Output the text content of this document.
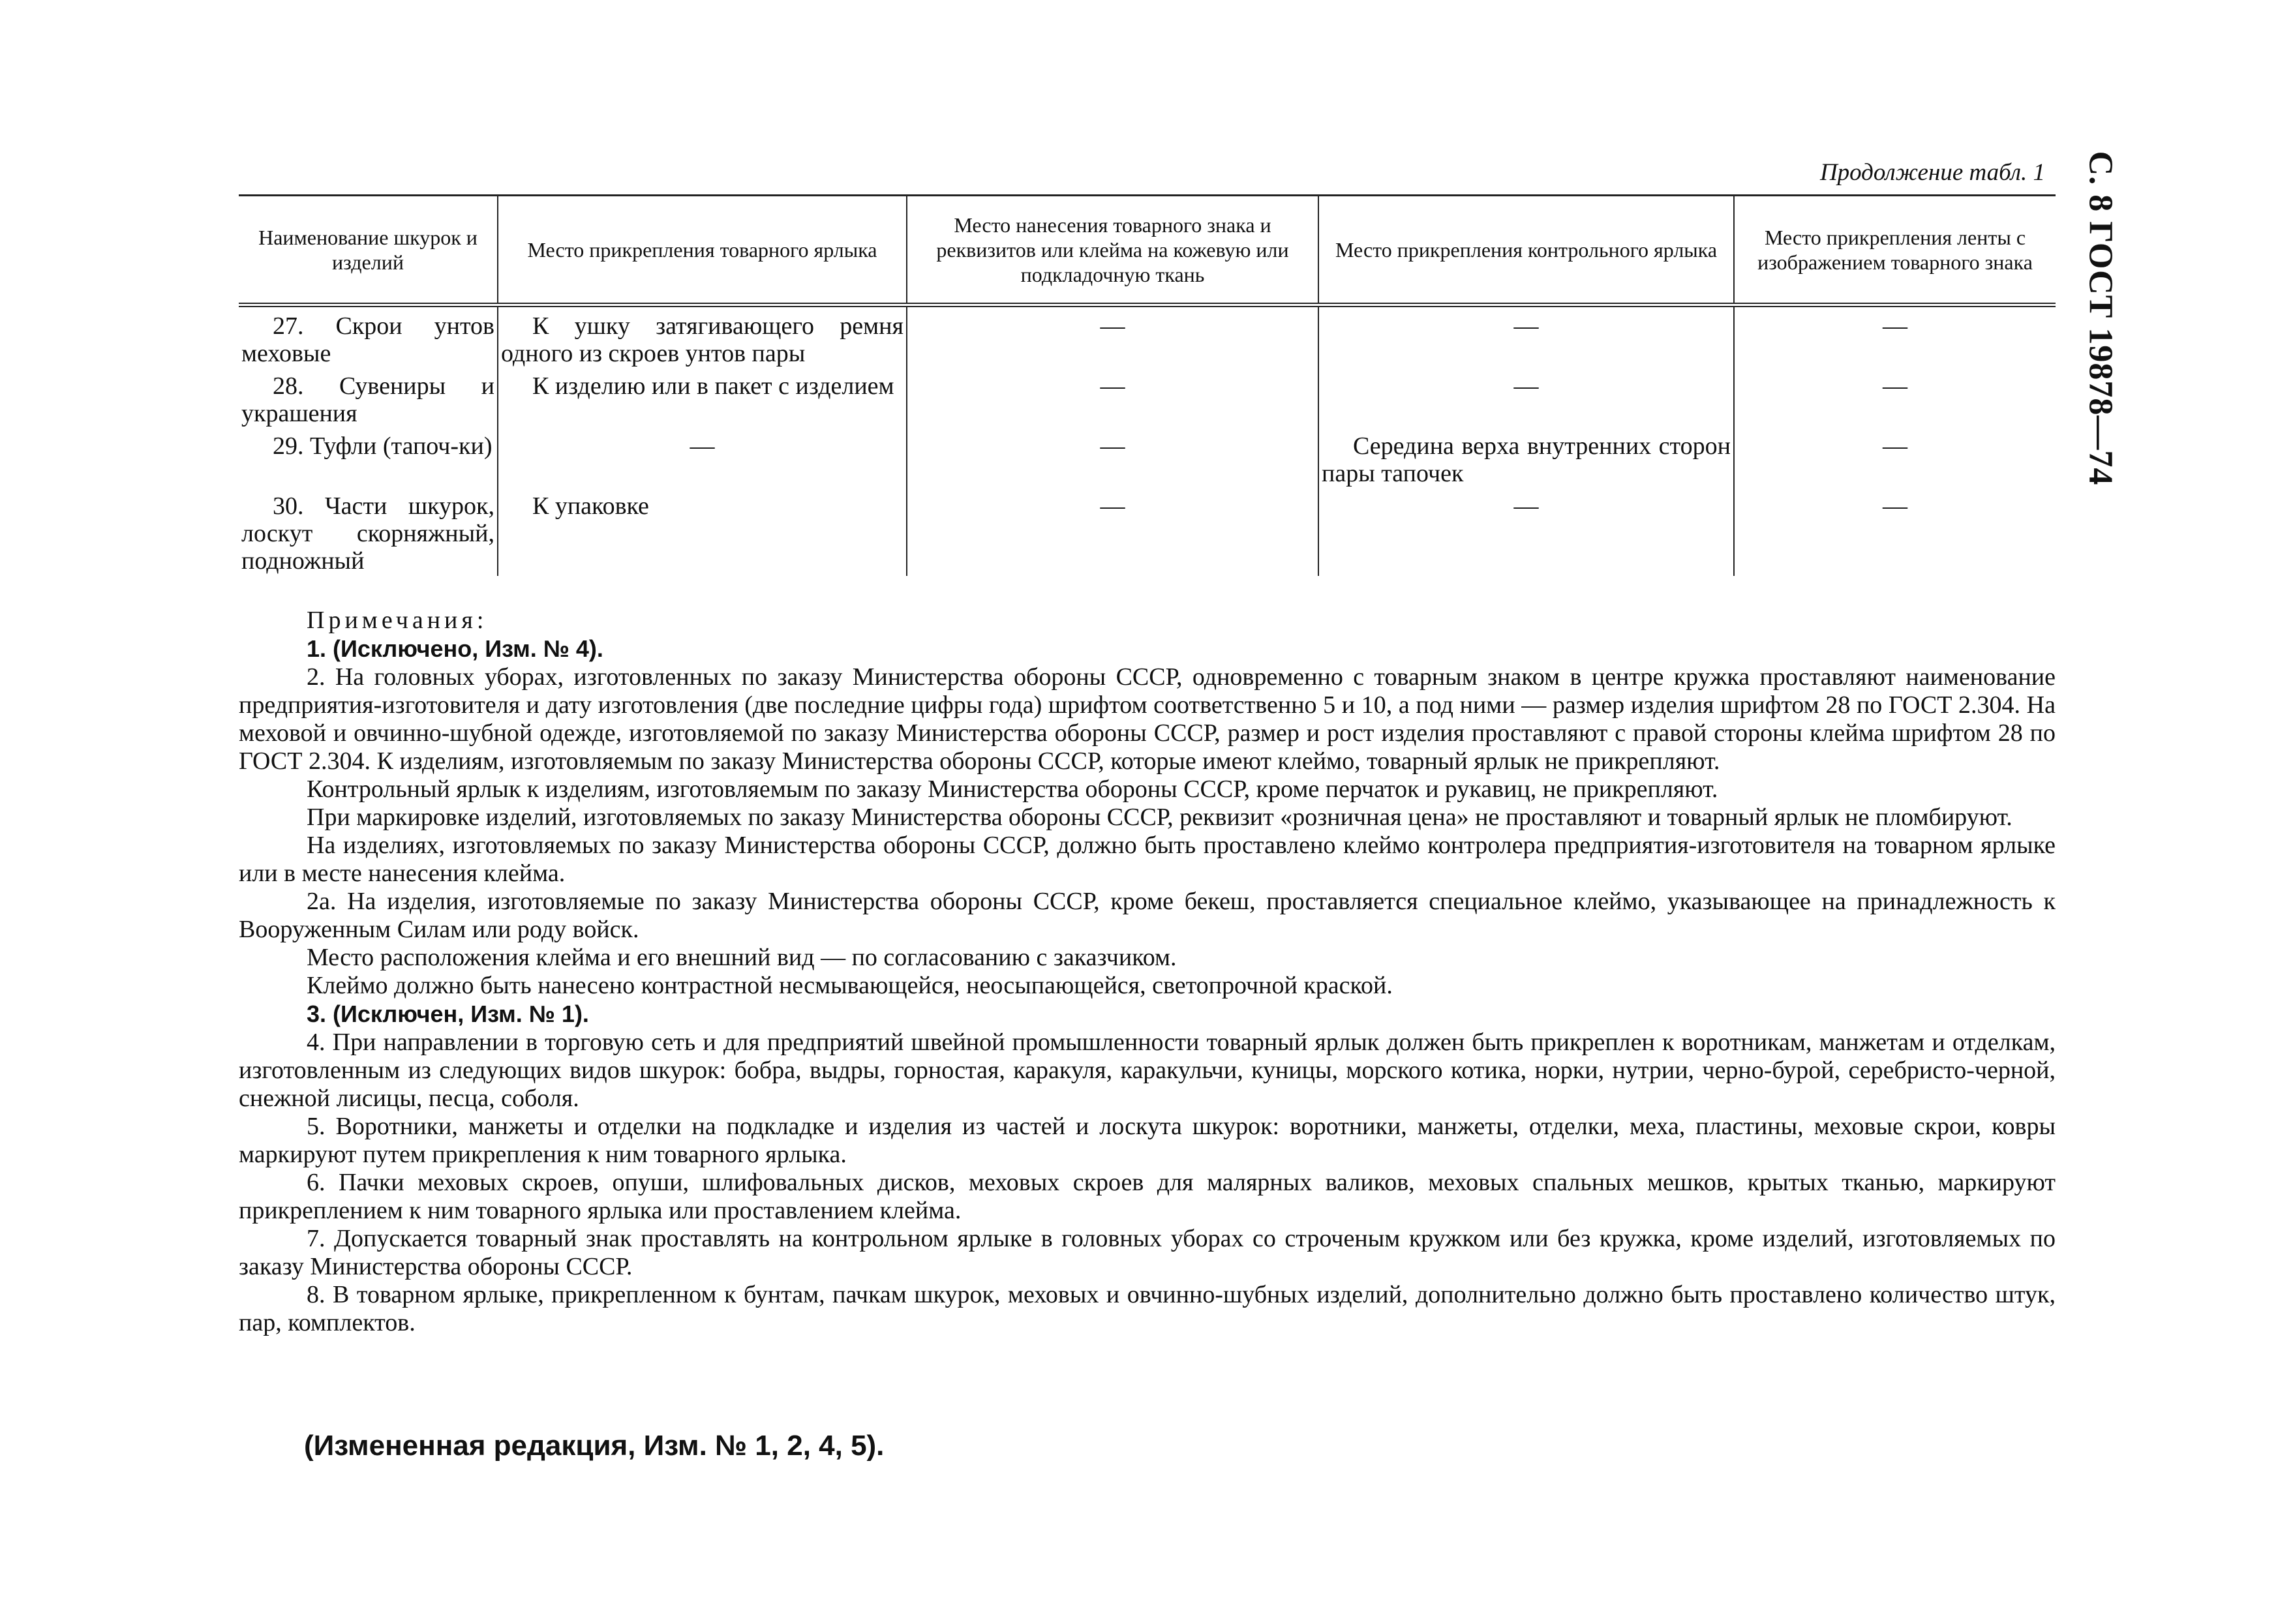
С. 8 ГОСТ 19878—74
Продолжение табл. 1
Наименование шкурок и изделий	Место прикрепления товарного ярлыка	Место нанесения товарного знака и реквизитов или клейма на кожевую или подкладочную ткань	Место прикрепления контрольного ярлыка	Место прикрепления ленты с изображением товарного знака
27. Скрои унтов меховые	К ушку затягивающего ремня одного из скроев унтов пары	—	—	—
28. Сувениры и украшения	К изделию или в пакет с изделием	—	—	—
29. Туфли (тапоч-ки)	—	—	Середина верха внутренних сторон пары тапочек	—
30. Части шкурок, лоскут скорняжный, подножный	К упаковке	—	—	—

Примечания:

1. (Исключено, Изм. № 4).

2. На головных уборах, изготовленных по заказу Министерства обороны СССР, одновременно с товарным знаком в центре кружка проставляют наименование предприятия-изготовителя и дату изготовления (две последние цифры года) шрифтом соответственно 5 и 10, а под ними — размер изделия шрифтом 28 по ГОСТ 2.304. На меховой и овчинно-шубной одежде, изготовляемой по заказу Министерства обороны СССР, размер и рост изделия проставляют с правой стороны клейма шрифтом 28 по ГОСТ 2.304. К изделиям, изготовляемым по заказу Министерства обороны СССР, которые имеют клеймо, товарный ярлык не прикрепляют.

Контрольный ярлык к изделиям, изготовляемым по заказу Министерства обороны СССР, кроме перчаток и рукавиц, не прикрепляют.

При маркировке изделий, изготовляемых по заказу Министерства обороны СССР, реквизит «розничная цена» не проставляют и товарный ярлык не пломбируют.

На изделиях, изготовляемых по заказу Министерства обороны СССР, должно быть проставлено клеймо контролера предприятия-изготовителя на товарном ярлыке или в месте нанесения клейма.

2а. На изделия, изготовляемые по заказу Министерства обороны СССР, кроме бекеш, проставляется специальное клеймо, указывающее на принадлежность к Вооруженным Силам или роду войск.

Место расположения клейма и его внешний вид — по согласованию с заказчиком.

Клеймо должно быть нанесено контрастной несмывающейся, неосыпающейся, светопрочной краской.

3. (Исключен, Изм. № 1).

4. При направлении в торговую сеть и для предприятий швейной промышленности товарный ярлык должен быть прикреплен к воротникам, манжетам и отделкам, изготовленным из следующих видов шкурок: бобра, выдры, горностая, каракуля, каракульчи, куницы, морского котика, норки, нутрии, черно-бурой, серебристо-черной, снежной лисицы, песца, соболя.

5. Воротники, манжеты и отделки на подкладке и изделия из частей и лоскута шкурок: воротники, манжеты, отделки, меха, пластины, меховые скрои, ковры маркируют путем прикрепления к ним товарного ярлыка.

6. Пачки меховых скроев, опуши, шлифовальных дисков, меховых скроев для малярных валиков, меховых спальных мешков, крытых тканью, маркируют прикреплением к ним товарного ярлыка или проставлением клейма.

7. Допускается товарный знак проставлять на контрольном ярлыке в головных уборах со строченым кружком или без кружка, кроме изделий, изготовляемых по заказу Министерства обороны СССР.

8. В товарном ярлыке, прикрепленном к бунтам, пачкам шкурок, меховых и овчинно-шубных изделий, дополнительно должно быть проставлено количество штук, пар, комплектов.

(Измененная редакция, Изм. № 1, 2, 4, 5).
